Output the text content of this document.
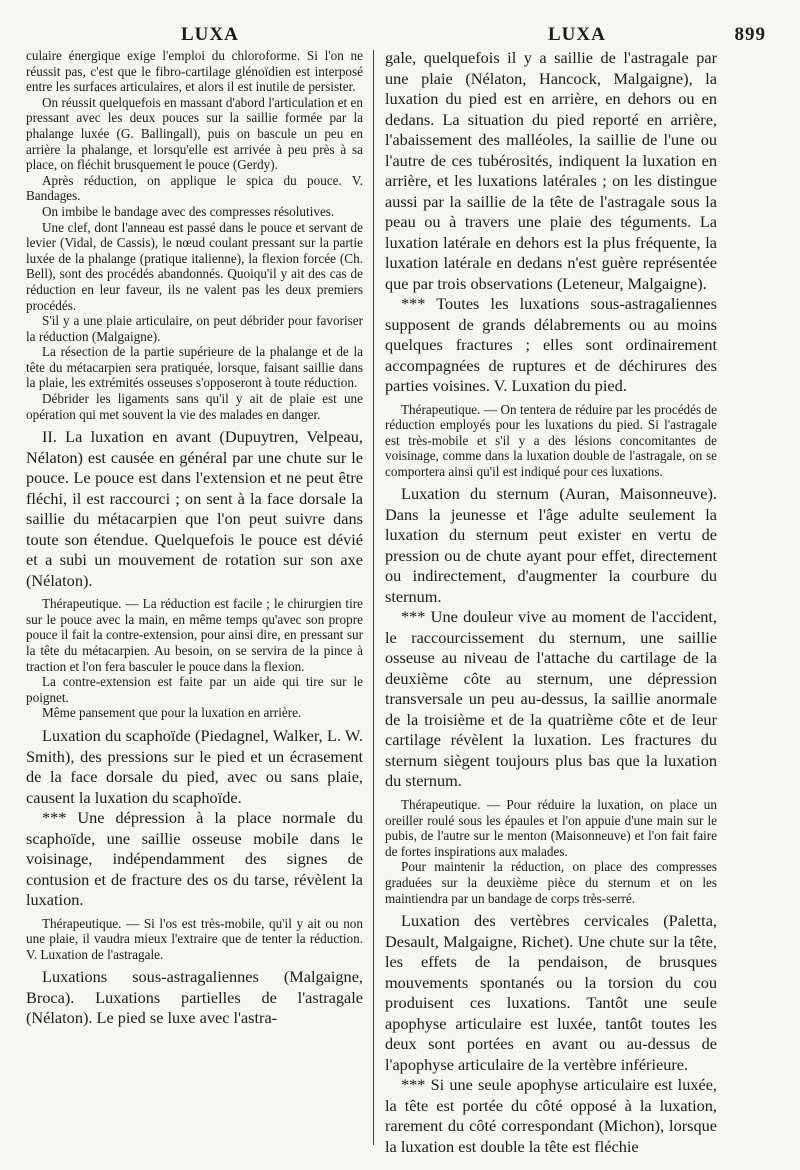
LUXA	LUXA	899

culaire énergique exige l'emploi du chloroforme. Si l'on ne réussit pas, c'est que le fibro-cartilage glénoïdien est interposé entre les surfaces articulaires, et alors il est inutile de persister.

On réussit quelquefois en massant d'abord l'articulation et en pressant avec les deux pouces sur la saillie formée par la phalange luxée (G. Ballingall), puis on bascule un peu en arrière la phalange, et lorsqu'elle est arrivée à peu près à sa place, on fléchit brusquement le pouce (Gerdy).

Après réduction, on applique le spica du pouce. V. Bandages.

On imbibe le bandage avec des compresses résolutives.

Une clef, dont l'anneau est passé dans le pouce et servant de levier (Vidal, de Cassis), le nœud coulant pressant sur la partie luxée de la phalange (pratique italienne), la flexion forcée (Ch. Bell), sont des procédés abandonnés. Quoiqu'il y ait des cas de réduction en leur faveur, ils ne valent pas les deux premiers procédés.

S'il y a une plaie articulaire, on peut débrider pour favoriser la réduction (Malgaigne).

La résection de la partie supérieure de la phalange et de la tête du métacarpien sera pratiquée, lorsque, faisant saillie dans la plaie, les extrémités osseuses s'opposeront à toute réduction.

Débrider les ligaments sans qu'il y ait de plaie est une opération qui met souvent la vie des malades en danger.

II. La luxation en avant (Dupuytren, Velpeau, Nélaton) est causée en général par une chute sur le pouce. Le pouce est dans l'extension et ne peut être fléchi, il est raccourci ; on sent à la face dorsale la saillie du métacarpien que l'on peut suivre dans toute son étendue. Quelquefois le pouce est dévié et a subi un mouvement de rotation sur son axe (Nélaton).

Thérapeutique. — La réduction est facile ; le chirurgien tire sur le pouce avec la main, en même temps qu'avec son propre pouce il fait la contre-extension, pour ainsi dire, en pressant sur la tête du métacarpien. Au besoin, on se servira de la pince à traction et l'on fera basculer le pouce dans la flexion.

La contre-extension est faite par un aide qui tire sur le poignet.

Même pansement que pour la luxation en arrière.

Luxation du scaphoïde (Piedagnel, Walker, L. W. Smith), des pressions sur le pied et un écrasement de la face dorsale du pied, avec ou sans plaie, causent la luxation du scaphoïde.

*** Une dépression à la place normale du scaphoïde, une saillie osseuse mobile dans le voisinage, indépendamment des signes de contusion et de fracture des os du tarse, révèlent la luxation.

Thérapeutique. — Si l'os est très-mobile, qu'il y ait ou non une plaie, il vaudra mieux l'extraire que de tenter la réduction. V. Luxation de l'astragale.

Luxations sous-astragaliennes (Malgaigne, Broca). Luxations partielles de l'astragale (Nélaton). Le pied se luxe avec l'astra-

gale, quelquefois il y a saillie de l'astragale par une plaie (Nélaton, Hancock, Malgaigne), la luxation du pied est en arrière, en dehors ou en dedans. La situation du pied reporté en arrière, l'abaissement des malléoles, la saillie de l'une ou l'autre de ces tubérosités, indiquent la luxation en arrière, et les luxations latérales ; on les distingue aussi par la saillie de la tête de l'astragale sous la peau ou à travers une plaie des téguments. La luxation latérale en dehors est la plus fréquente, la luxation latérale en dedans n'est guère représentée que par trois observations (Leteneur, Malgaigne).

*** Toutes les luxations sous-astragaliennes supposent de grands délabrements ou au moins quelques fractures ; elles sont ordinairement accompagnées de ruptures et de déchirures des parties voisines. V. Luxation du pied.

Thérapeutique. — On tentera de réduire par les procédés de réduction employés pour les luxations du pied. Si l'astragale est très-mobile et s'il y a des lésions concomitantes de voisinage, comme dans la luxation double de l'astragale, on se comportera ainsi qu'il est indiqué pour ces luxations.

Luxation du sternum (Auran, Maisonneuve). Dans la jeunesse et l'âge adulte seulement la luxation du sternum peut exister en vertu de pression ou de chute ayant pour effet, directement ou indirectement, d'augmenter la courbure du sternum.

*** Une douleur vive au moment de l'accident, le raccourcissement du sternum, une saillie osseuse au niveau de l'attache du cartilage de la deuxième côte au sternum, une dépression transversale un peu au-dessus, la saillie anormale de la troisième et de la quatrième côte et de leur cartilage révèlent la luxation. Les fractures du sternum siègent toujours plus bas que la luxation du sternum.

Thérapeutique. — Pour réduire la luxation, on place un oreiller roulé sous les épaules et l'on appuie d'une main sur le pubis, de l'autre sur le menton (Maisonneuve) et l'on fait faire de fortes inspirations aux malades.

Pour maintenir la réduction, on place des compresses graduées sur la deuxième pièce du sternum et on les maintiendra par un bandage de corps très-serré.

Luxation des vertèbres cervicales (Paletta, Desault, Malgaigne, Richet). Une chute sur la tête, les effets de la pendaison, de brusques mouvements spontanés ou la torsion du cou produisent ces luxations. Tantôt une seule apophyse articulaire est luxée, tantôt toutes les deux sont portées en avant ou au-dessus de l'apophyse articulaire de la vertèbre inférieure.

*** Si une seule apophyse articulaire est luxée, la tête est portée du côté opposé à la luxation, rarement du côté correspondant (Michon), lorsque la luxation est double la tête est fléchie
